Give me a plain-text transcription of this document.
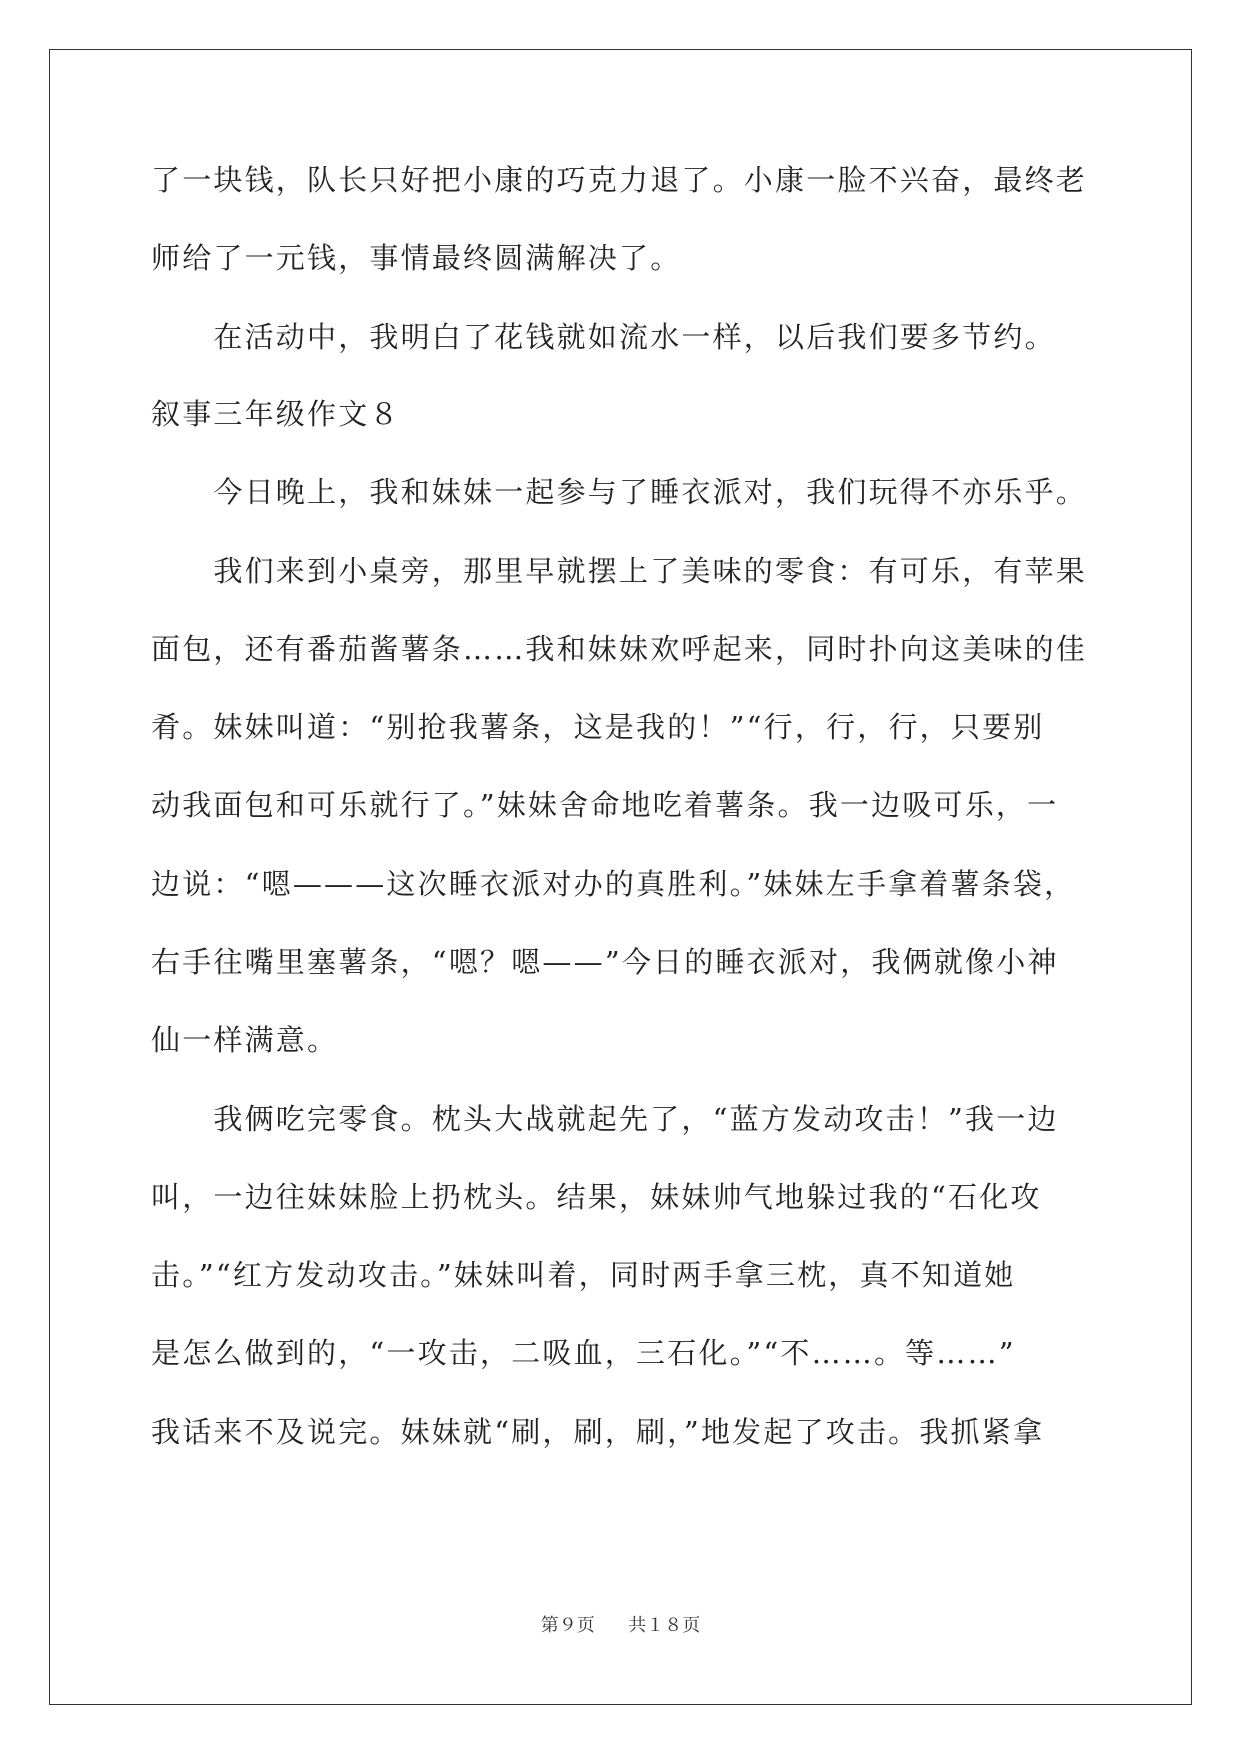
了一块钱，队长只好把小康的巧克力退了。小康一脸不兴奋，最终老

师给了一元钱，事情最终圆满解决了。

　　在活动中，我明白了花钱就如流水一样，以后我们要多节约。

叙事三年级作文８

　　今日晚上，我和妹妹一起参与了睡衣派对，我们玩得不亦乐乎。

　　我们来到小桌旁，那里早就摆上了美味的零食：有可乐，有苹果

面包，还有番茄酱薯条……我和妹妹欢呼起来，同时扑向这美味的佳

肴。妹妹叫道：“别抢我薯条，这是我的！”“行，行，行，只要别

动我面包和可乐就行了。”妹妹舍命地吃着薯条。我一边吸可乐，一

边说：“嗯———这次睡衣派对办的真胜利。”妹妹左手拿着薯条袋，

右手往嘴里塞薯条，“嗯？嗯——”今日的睡衣派对，我俩就像小神

仙一样满意。

　　我俩吃完零食。枕头大战就起先了，“蓝方发动攻击！”我一边

叫，一边往妹妹脸上扔枕头。结果，妹妹帅气地躲过我的“石化攻

击。”“红方发动攻击。”妹妹叫着，同时两手拿三枕，真不知道她

是怎么做到的，“一攻击，二吸血，三石化。”“不……。等……”

我话来不及说完。妹妹就“刷，刷，刷，”地发起了攻击。我抓紧拿

第９页 共１８页
